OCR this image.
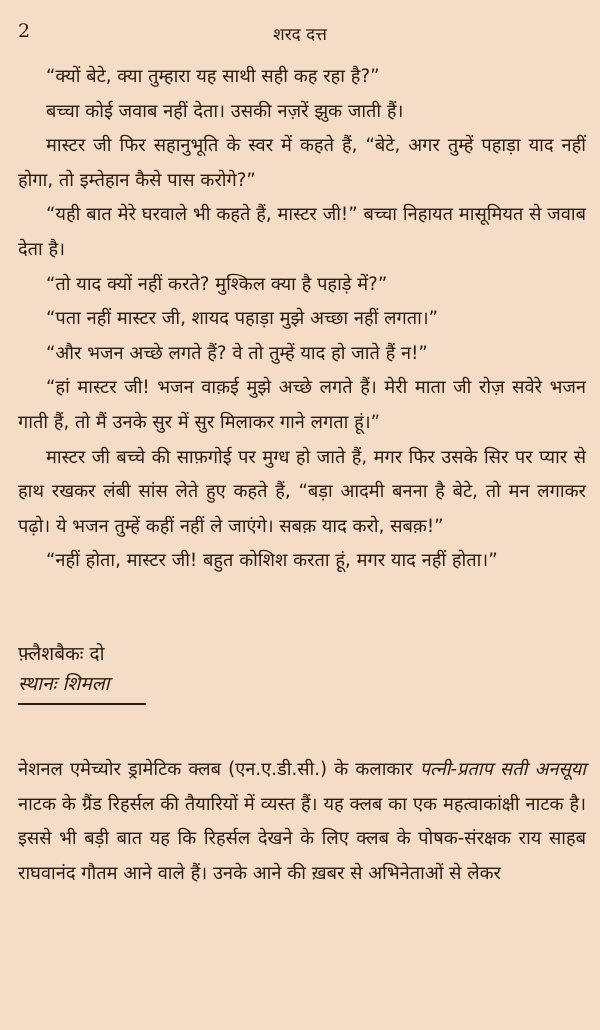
2	शरद दत्त

“क्यों बेटे, क्या तुम्हारा यह साथी सही कह रहा है?”

बच्चा कोई जवाब नहीं देता। उसकी नज़रें झुक जाती हैं।

मास्टर जी फिर सहानुभूति के स्वर में कहते हैं, “बेटे, अगर तुम्हें पहाड़ा याद नहीं होगा, तो इम्तेहान कैसे पास करोगे?”

“यही बात मेरे घरवाले भी कहते हैं, मास्टर जी!” बच्चा निहायत मासूमियत से जवाब देता है।

“तो याद क्यों नहीं करते? मुश्किल क्या है पहाड़े में?”

“पता नहीं मास्टर जी, शायद पहाड़ा मुझे अच्छा नहीं लगता।”

“और भजन अच्छे लगते हैं? वे तो तुम्हें याद हो जाते हैं न!”

“हां मास्टर जी! भजन वाक़ई मुझे अच्छे लगते हैं। मेरी माता जी रोज़ सवेरे भजन गाती हैं, तो मैं उनके सुर में सुर मिलाकर गाने लगता हूं।”

मास्टर जी बच्चे की साफ़गोई पर मुग्ध हो जाते हैं, मगर फिर उसके सिर पर प्यार से हाथ रखकर लंबी सांस लेते हुए कहते हैं, “बड़ा आदमी बनना है बेटे, तो मन लगाकर पढ़ो। ये भजन तुम्हें कहीं नहीं ले जाएंगे। सबक़ याद करो, सबक़!”

“नहीं होता, मास्टर जी! बहुत कोशिश करता हूं, मगर याद नहीं होता।”

फ़्लैशबैकः दो
स्थानः शिमला

नेशनल एमेच्योर ड्रामेटिक क्लब (एन.ए.डी.सी.) के कलाकार पत्नी-प्रताप सती अनसूया नाटक के ग्रैंड रिहर्सल की तैयारियों में व्यस्त हैं। यह क्लब का एक महत्वाकांक्षी नाटक है। इससे भी बड़ी बात यह कि रिहर्सल देखने के लिए क्लब के पोषक-संरक्षक राय साहब राघवानंद गौतम आने वाले हैं। उनके आने की ख़बर से अभिनेताओं से लेकर
